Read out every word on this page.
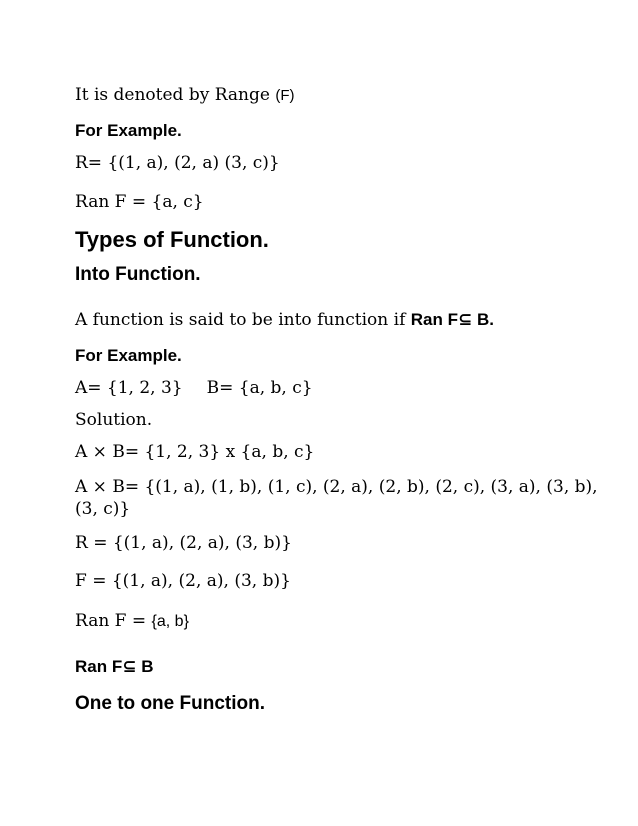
It is denoted by Range (F)

For Example.

R= {(1, a), (2, a) (3, c)}

Ran F = {a, c}

Types of Function.

Into Function.

A function is said to be into function if Ran F⊆ B.

For Example.

A= {1, 2, 3} B= {a, b, c}

Solution.

A × B= {1, 2, 3} x {a, b, c}

A × B= {(1, a), (1, b), (1, c), (2, a), (2, b), (2, c), (3, a), (3, b),

(3, c)}

R = {(1, a), (2, a), (3, b)}

F = {(1, a), (2, a), (3, b)}

Ran F = {a, b}

Ran F⊆ B

One to one Function.
